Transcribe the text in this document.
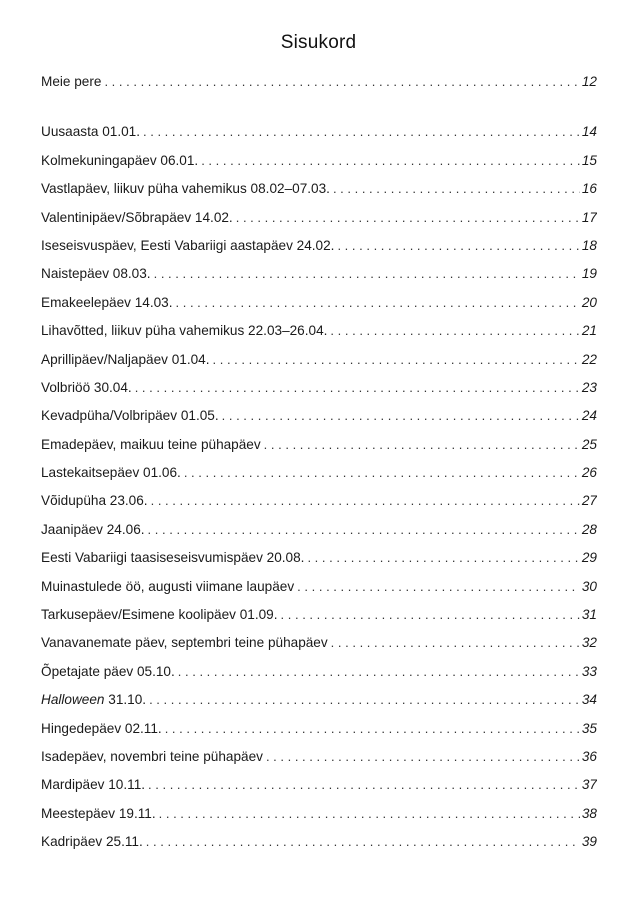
Sisukord
Meie pere . . .	12
Uusaasta 01.01. . . .	14
Kolmekuningapäev 06.01. . . .	15
Vastlapäev, liikuv püha vahemikus 08.02–07.03. . . .	16
Valentinipäev/Sõbrapäev 14.02. . . .	17
Iseseisvuspäev, Eesti Vabariigi aastapäev 24.02. . . .	18
Naistepäev 08.03. . . .	19
Emakeelepäev 14.03. . . .	20
Lihavõtted, liikuv püha vahemikus 22.03–26.04. . . .	21
Aprillipäev/Naljapäev 01.04. . . .	22
Volbriöö 30.04. . . .	23
Kevadpüha/Volbripäev 01.05. . . .	24
Emadepäev, maikuu teine pühapäev . . .	25
Lastekaitsepäev 01.06. . . .	26
Võidupüha 23.06. . . .	27
Jaanipäev 24.06. . . .	28
Eesti Vabariigi taasiseseisvumispäev 20.08. . . .	29
Muinastulede öö, augusti viimane laupäev . . .	30
Tarkusepäev/Esimene koolipäev 01.09. . . .	31
Vanavanemate päev, septembri teine pühapäev . . .	32
Õpetajate päev 05.10. . . .	33
Halloween 31.10. . . .	34
Hingedepäev 02.11. . . .	35
Isadepäev, novembri teine pühapäev . . .	36
Mardipäev 10.11. . . .	37
Meestepäev 19.11. . . .	38
Kadripäev 25.11. . . .	39
